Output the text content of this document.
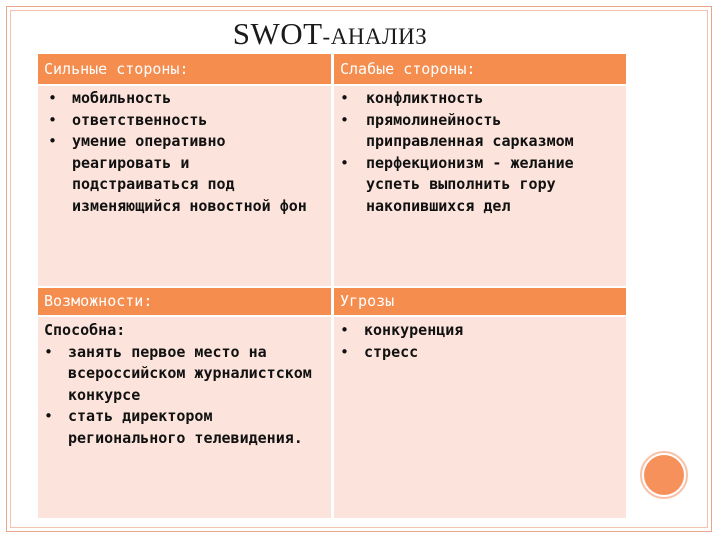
SWOT-АНАЛИЗ
Сильные стороны:	Слабые стороны:
• мобильность
• ответственность
• умение оперативно реагировать и подстраиваться под изменяющийся новостной фон
• конфликтность
• прямолинейность приправленная сарказмом
• перфекционизм - желание успеть выполнить гору накопившихся дел
Возможности:	Угрозы
Способна:
• занять первое место на всероссийском журналистском конкурсе
• стать директором регионального телевидения.
• конкуренция
• стресс
